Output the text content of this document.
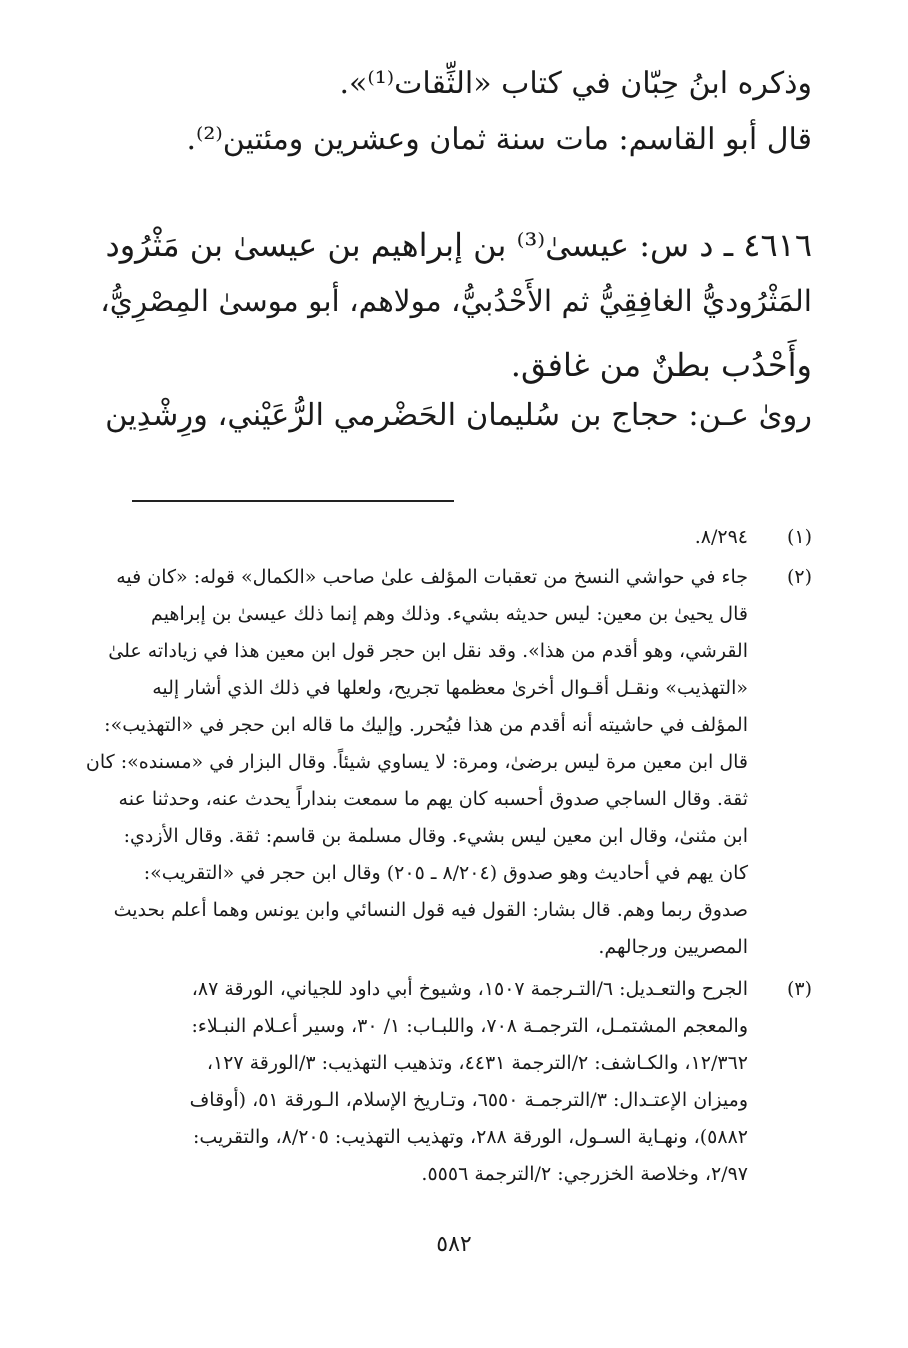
وذكره ابنُ حِبّان في كتاب «الثِّقات⁽¹⁾».
قال أبو القاسم: مات سنة ثمان وعشرين ومئتين⁽²⁾.
٤٦١٦ ـ د س: عيسىٰ⁽³⁾ بن إبراهيم بن عيسىٰ بن مَثْرُود
المَثْرُوديُّ الغافِقِيُّ ثم الأَحْدُبيُّ، مولاهم، أبو موسىٰ المِصْرِيُّ،
وأَحْدُب بطنٌ من غافق.
روىٰ عـن: حجاج بن سُليمان الحَضْرمي الرُّعَيْني، ورِشْدِين
(١)
٨/٢٩٤.
(٢)
جاء في حواشي النسخ من تعقبات المؤلف علىٰ صاحب «الكمال» قوله: «كان فيه
قال يحيىٰ بن معين: ليس حديثه بشيء. وذلك وهم إنما ذلك عيسىٰ بن إبراهيم
القرشي، وهو أقدم من هذا». وقد نقل ابن حجر قول ابن معين هذا في زياداته علىٰ
«التهذيب» ونقـل أقـوال أخرىٰ معظمها تجريح، ولعلها في ذلك الذي أشار إليه
المؤلف في حاشيته أنه أقدم من هذا فيُحرر. وإليك ما قاله ابن حجر في «التهذيب»:
قال ابن معين مرة ليس برضىٰ، ومرة: لا يساوي شيئاً. وقال البزار في «مسنده»: كان
ثقة. وقال الساجي صدوق أحسبه كان يهم ما سمعت بنداراً يحدث عنه، وحدثنا عنه
ابن مثنىٰ، وقال ابن معين ليس بشيء. وقال مسلمة بن قاسم: ثقة. وقال الأزدي:
كان يهم في أحاديث وهو صدوق (٨/٢٠٤ ـ ٢٠٥) وقال ابن حجر في «التقريب»:
صدوق ربما وهم. قال بشار: القول فيه قول النسائي وابن يونس وهما أعلم بحديث
المصريين ورجالهم.
(٣)
الجرح والتعـديل: ٦/التـرجمة ١٥٠٧، وشيوخ أبي داود للجياني، الورقة ٨٧،
والمعجم المشتمـل، الترجمـة ٧٠٨، واللبـاب: ١/ ٣٠، وسير أعـلام النبـلاء:
١٢/٣٦٢، والكـاشف: ٢/الترجمة ٤٤٣١، وتذهيب التهذيب: ٣/الورقة ١٢٧،
وميزان الإعتـدال: ٣/الترجمـة ٦٥٥٠، وتـاريخ الإسلام، الـورقة ٥١، (أوقاف
٥٨٨٢)، ونهـاية السـول، الورقة ٢٨٨، وتهذيب التهذيب: ٨/٢٠٥، والتقريب:
٢/٩٧، وخلاصة الخزرجي: ٢/الترجمة ٥٥٥٦.
٥٨٢
